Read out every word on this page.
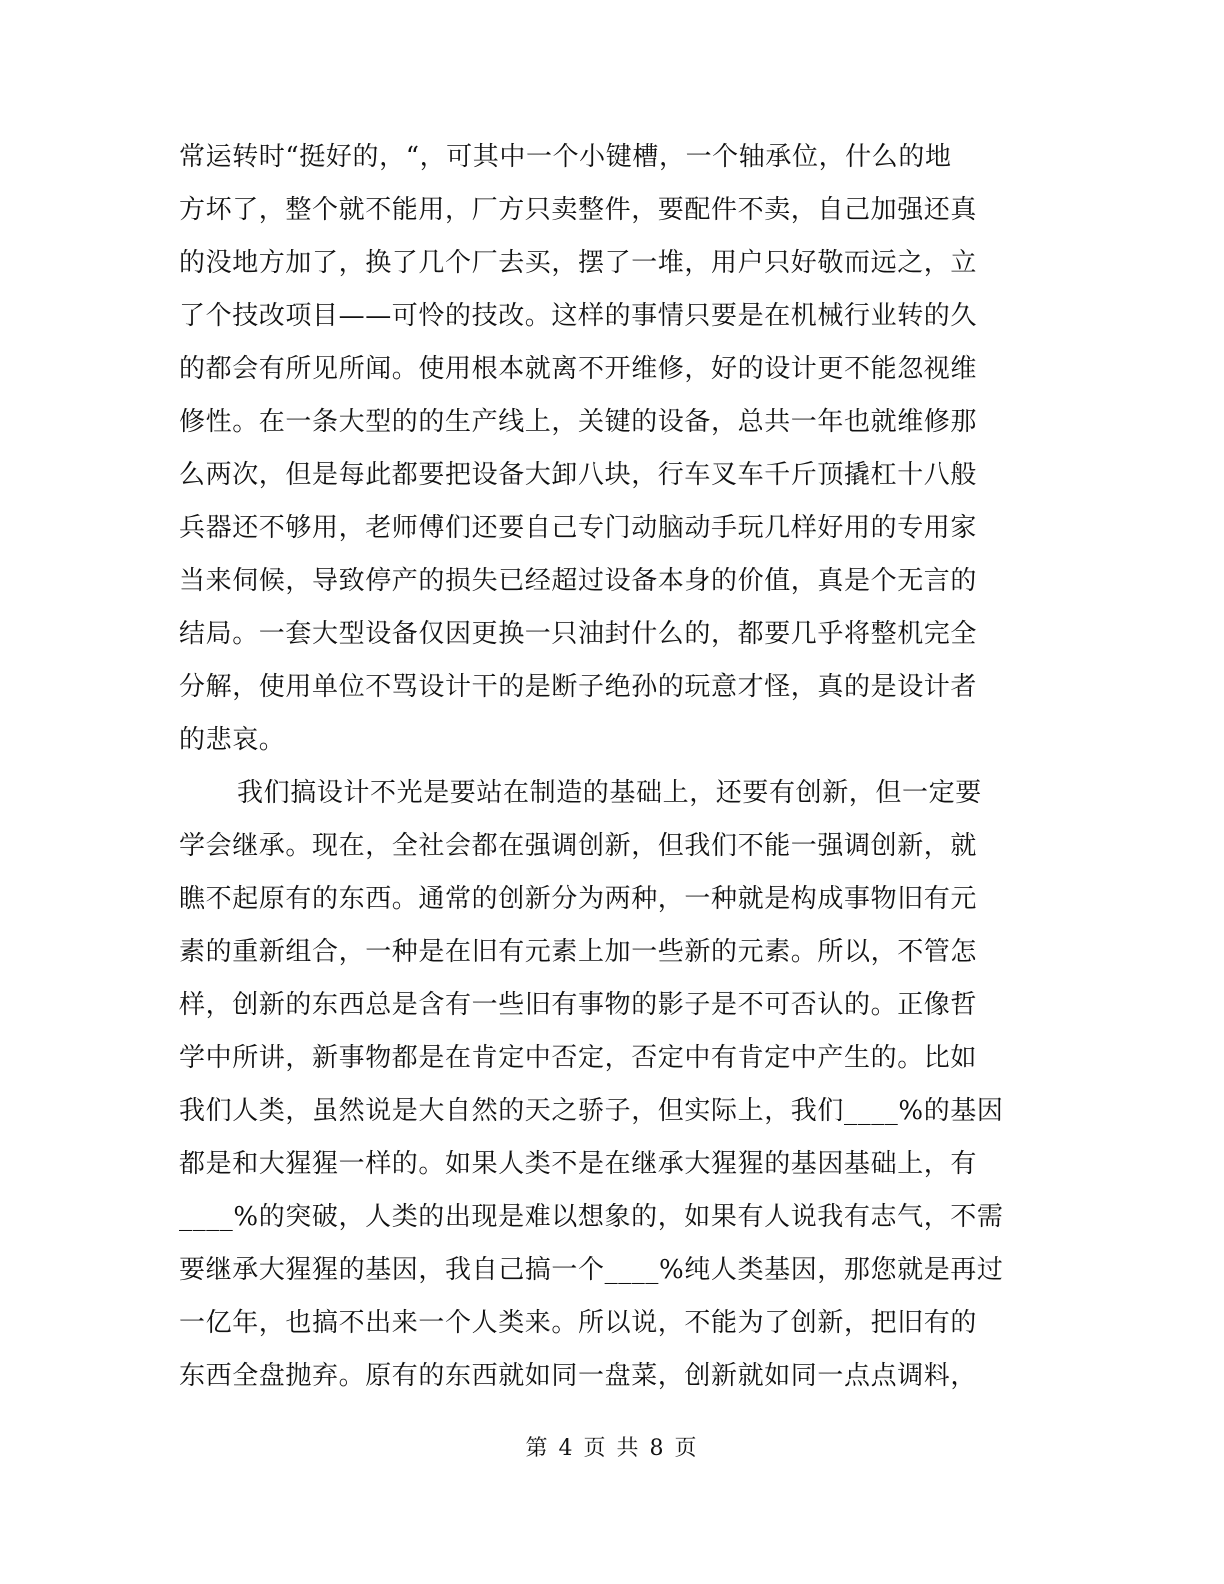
常运转时“挺好的，“，可其中一个小键槽，一个轴承位，什么的地
方坏了，整个就不能用，厂方只卖整件，要配件不卖，自己加强还真
的没地方加了，换了几个厂去买，摆了一堆，用户只好敬而远之，立
了个技改项目——可怜的技改。这样的事情只要是在机械行业转的久
的都会有所见所闻。使用根本就离不开维修，好的设计更不能忽视维
修性。在一条大型的的生产线上，关键的设备，总共一年也就维修那
么两次，但是每此都要把设备大卸八块，行车叉车千斤顶撬杠十八般
兵器还不够用，老师傅们还要自己专门动脑动手玩几样好用的专用家
当来伺候，导致停产的损失已经超过设备本身的价值，真是个无言的
结局。一套大型设备仅因更换一只油封什么的，都要几乎将整机完全
分解，使用单位不骂设计干的是断子绝孙的玩意才怪，真的是设计者
的悲哀。
我们搞设计不光是要站在制造的基础上，还要有创新，但一定要
学会继承。现在，全社会都在强调创新，但我们不能一强调创新，就
瞧不起原有的东西。通常的创新分为两种，一种就是构成事物旧有元
素的重新组合，一种是在旧有元素上加一些新的元素。所以，不管怎
样，创新的东西总是含有一些旧有事物的影子是不可否认的。正像哲
学中所讲，新事物都是在肯定中否定，否定中有肯定中产生的。比如
我们人类，虽然说是大自然的天之骄子，但实际上，我们____%的基因
都是和大猩猩一样的。如果人类不是在继承大猩猩的基因基础上，有
____%的突破，人类的出现是难以想象的，如果有人说我有志气，不需
要继承大猩猩的基因，我自己搞一个____%纯人类基因，那您就是再过
一亿年，也搞不出来一个人类来。所以说，不能为了创新，把旧有的
东西全盘抛弃。原有的东西就如同一盘菜，创新就如同一点点调料，
第 4 页 共 8 页
